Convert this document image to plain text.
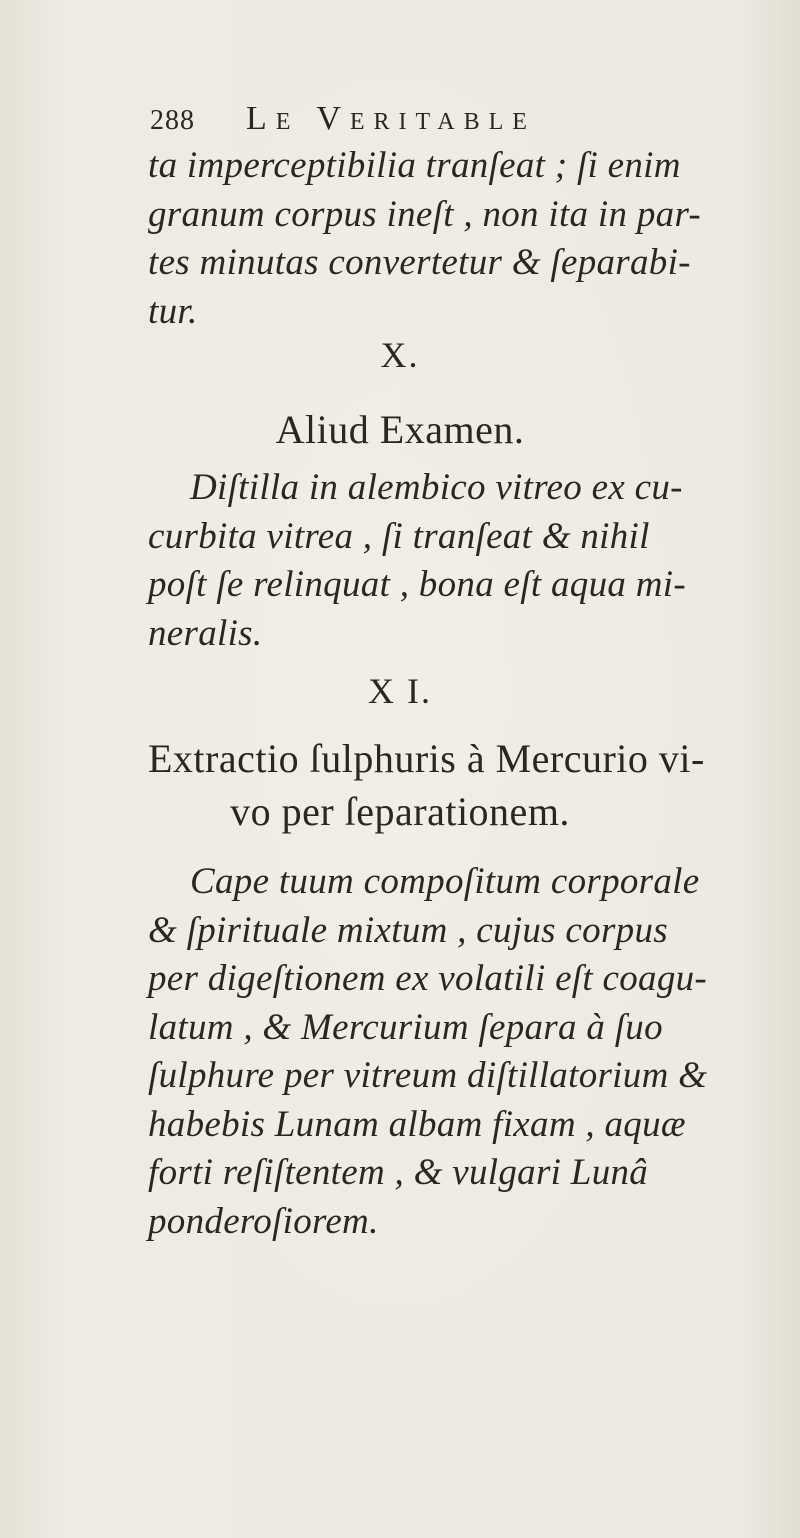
288	Le Veritable
ta imperceptibilia tranſeat ; ſi enim
granum corpus ineſt , non ita in par-
tes minutas convertetur & ſeparabi-
tur.
X.
Aliud Examen.
Diſtilla in alembico vitreo ex cu-
curbita vitrea , ſi tranſeat & nihil
poſt ſe relinquat , bona eſt aqua mi-
neralis.
X I.
Extractio ſulphuris à Mercurio vi-
vo per ſeparationem.
Cape tuum compoſitum corporale
& ſpirituale mixtum , cujus corpus
per digeſtionem ex volatili eſt coagu-
latum , & Mercurium ſepara à ſuo
ſulphure per vitreum diſtillatorium &
habebis Lunam albam fixam , aquæ
forti reſiſtentem , & vulgari Lunâ
ponderoſiorem.
